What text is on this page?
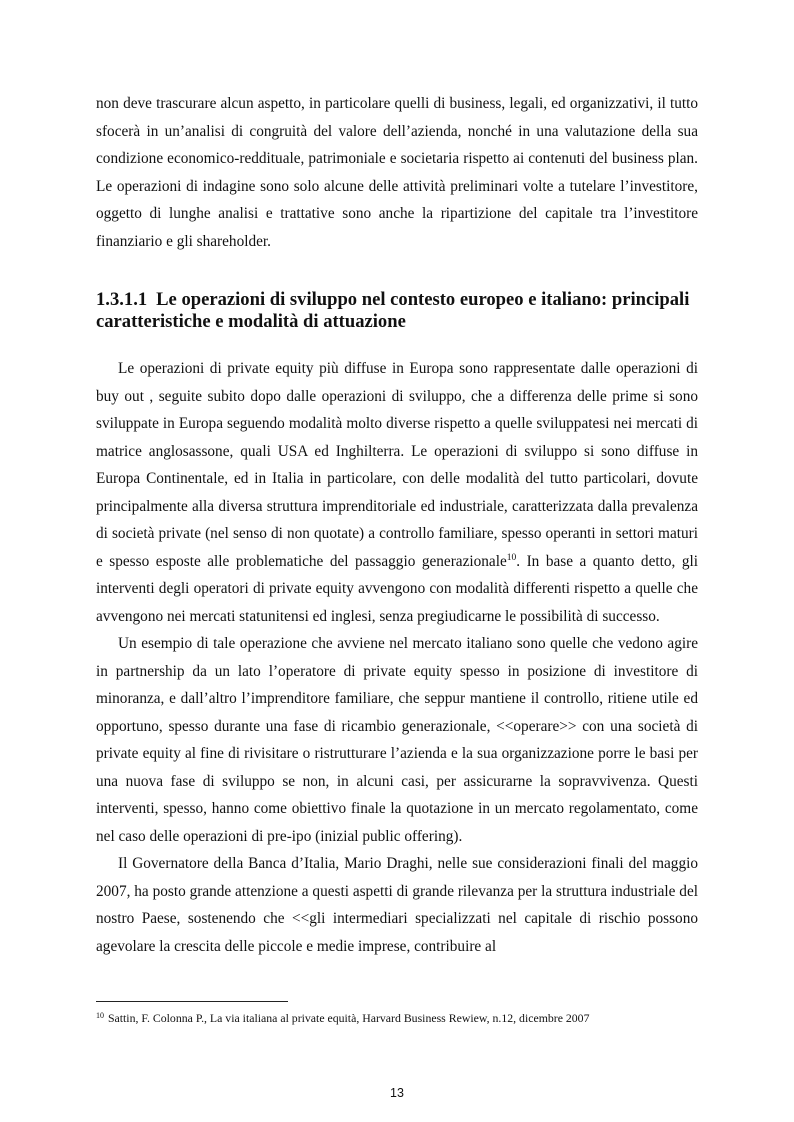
non deve trascurare alcun aspetto, in particolare quelli di business, legali, ed organizzativi, il tutto sfocerà in un’analisi di congruità del valore dell’azienda, nonché in una valutazione della sua condizione economico-reddituale, patrimoniale e societaria rispetto ai contenuti del business plan. Le operazioni di indagine sono solo alcune delle attività preliminari volte a tutelare l’investitore, oggetto di lunghe analisi e trattative sono anche la ripartizione del capitale tra l’investitore finanziario e gli shareholder.

1.3.1.1 Le operazioni di sviluppo nel contesto europeo e italiano: principali caratteristiche e modalità di attuazione

Le operazioni di private equity più diffuse in Europa sono rappresentate dalle operazioni di buy out , seguite subito dopo dalle operazioni di sviluppo, che a differenza delle prime si sono sviluppate in Europa seguendo modalità molto diverse rispetto a quelle sviluppatesi nei mercati di matrice anglosassone, quali USA ed Inghilterra. Le operazioni di sviluppo si sono diffuse in Europa Continentale, ed in Italia in particolare, con delle modalità del tutto particolari, dovute principalmente alla diversa struttura imprenditoriale ed industriale, caratterizzata dalla prevalenza di società private (nel senso di non quotate) a controllo familiare, spesso operanti in settori maturi e spesso esposte alle problematiche del passaggio generazionale$^{10}$. In base a quanto detto, gli interventi degli operatori di private equity avvengono con modalità differenti rispetto a quelle che avvengono nei mercati statunitensi ed inglesi, senza pregiudicarne le possibilità di successo.

Un esempio di tale operazione che avviene nel mercato italiano sono quelle che vedono agire in partnership da un lato l’operatore di private equity spesso in posizione di investitore di minoranza, e dall’altro l’imprenditore familiare, che seppur mantiene il controllo, ritiene utile ed opportuno, spesso durante una fase di ricambio generazionale, <<operare>> con una società di private equity al fine di rivisitare o ristrutturare l’azienda e la sua organizzazione porre le basi per una nuova fase di sviluppo se non, in alcuni casi, per assicurarne la sopravvivenza. Questi interventi, spesso, hanno come obiettivo finale la quotazione in un mercato regolamentato, come nel caso delle operazioni di pre-ipo (inizial public offering).

Il Governatore della Banca d’Italia, Mario Draghi, nelle sue considerazioni finali del maggio 2007, ha posto grande attenzione a questi aspetti di grande rilevanza per la struttura industriale del nostro Paese, sostenendo che <<gli intermediari specializzati nel capitale di rischio possono agevolare la crescita delle piccole e medie imprese, contribuire al

$^{10}$ Sattin, F. Colonna P., La via italiana al private equità, Harvard Business Rewiew, n.12, dicembre 2007
13
